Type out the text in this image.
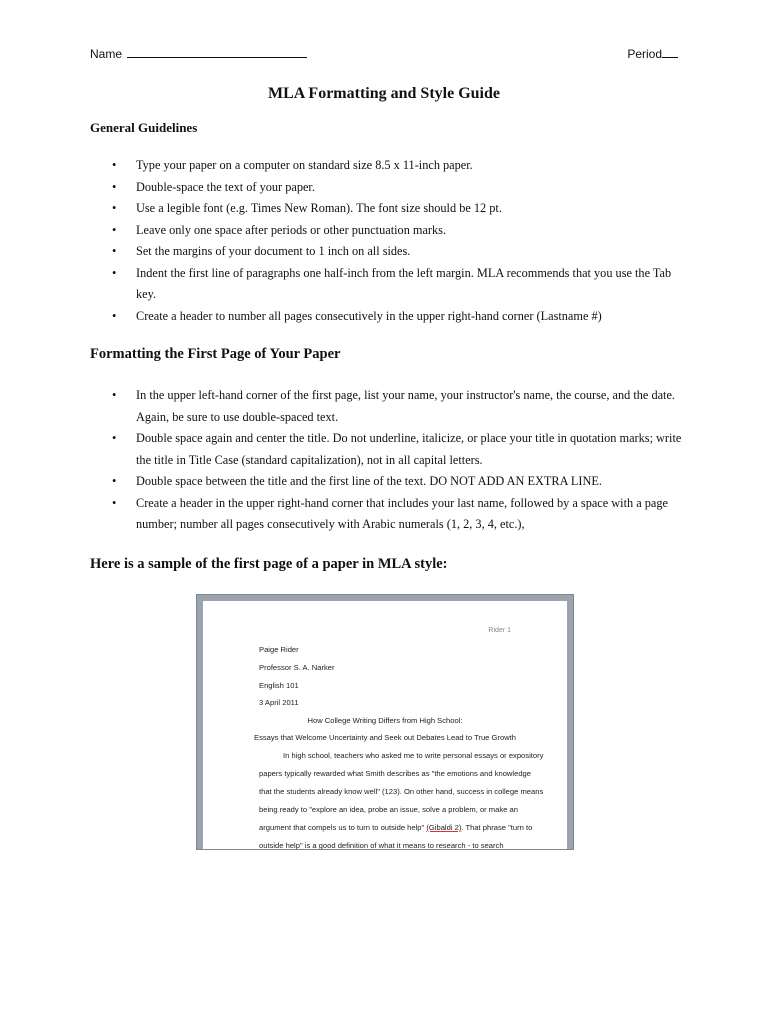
Name	Period
MLA Formatting and Style Guide
General Guidelines
• Type your paper on a computer on standard size 8.5 x 11-inch paper.
• Double-space the text of your paper.
• Use a legible font (e.g. Times New Roman). The font size should be 12 pt.
• Leave only one space after periods or other punctuation marks.
• Set the margins of your document to 1 inch on all sides.
• Indent the first line of paragraphs one half-inch from the left margin. MLA recommends that you use the Tab key.
• Create a header to number all pages consecutively in the upper right-hand corner (Lastname #)
Formatting the First Page of Your Paper
• In the upper left-hand corner of the first page, list your name, your instructor's name, the course, and the date. Again, be sure to use double-spaced text.
• Double space again and center the title. Do not underline, italicize, or place your title in quotation marks; write the title in Title Case (standard capitalization), not in all capital letters.
• Double space between the title and the first line of the text. DO NOT ADD AN EXTRA LINE.
• Create a header in the upper right-hand corner that includes your last name, followed by a space with a page number; number all pages consecutively with Arabic numerals (1, 2, 3, 4, etc.),
Here is a sample of the first page of a paper in MLA style:
Rider 1
Paige Rider
Professor S. A. Narker
English 101
3 April 2011
How College Writing Differs from High School:
Essays that Welcome Uncertainty and Seek out Debates Lead to True Growth
In high school, teachers who asked me to write personal essays or expository
papers typically rewarded what Smith describes as "the emotions and knowledge
that the students already know well" (123). On other hand, success in college means
being ready to "explore an idea, probe an issue, solve a problem, or make an
argument that compels us to turn to outside help" (Gibaldi 2). That phrase "turn to
outside help" is a good definition of what it means to research - to search
